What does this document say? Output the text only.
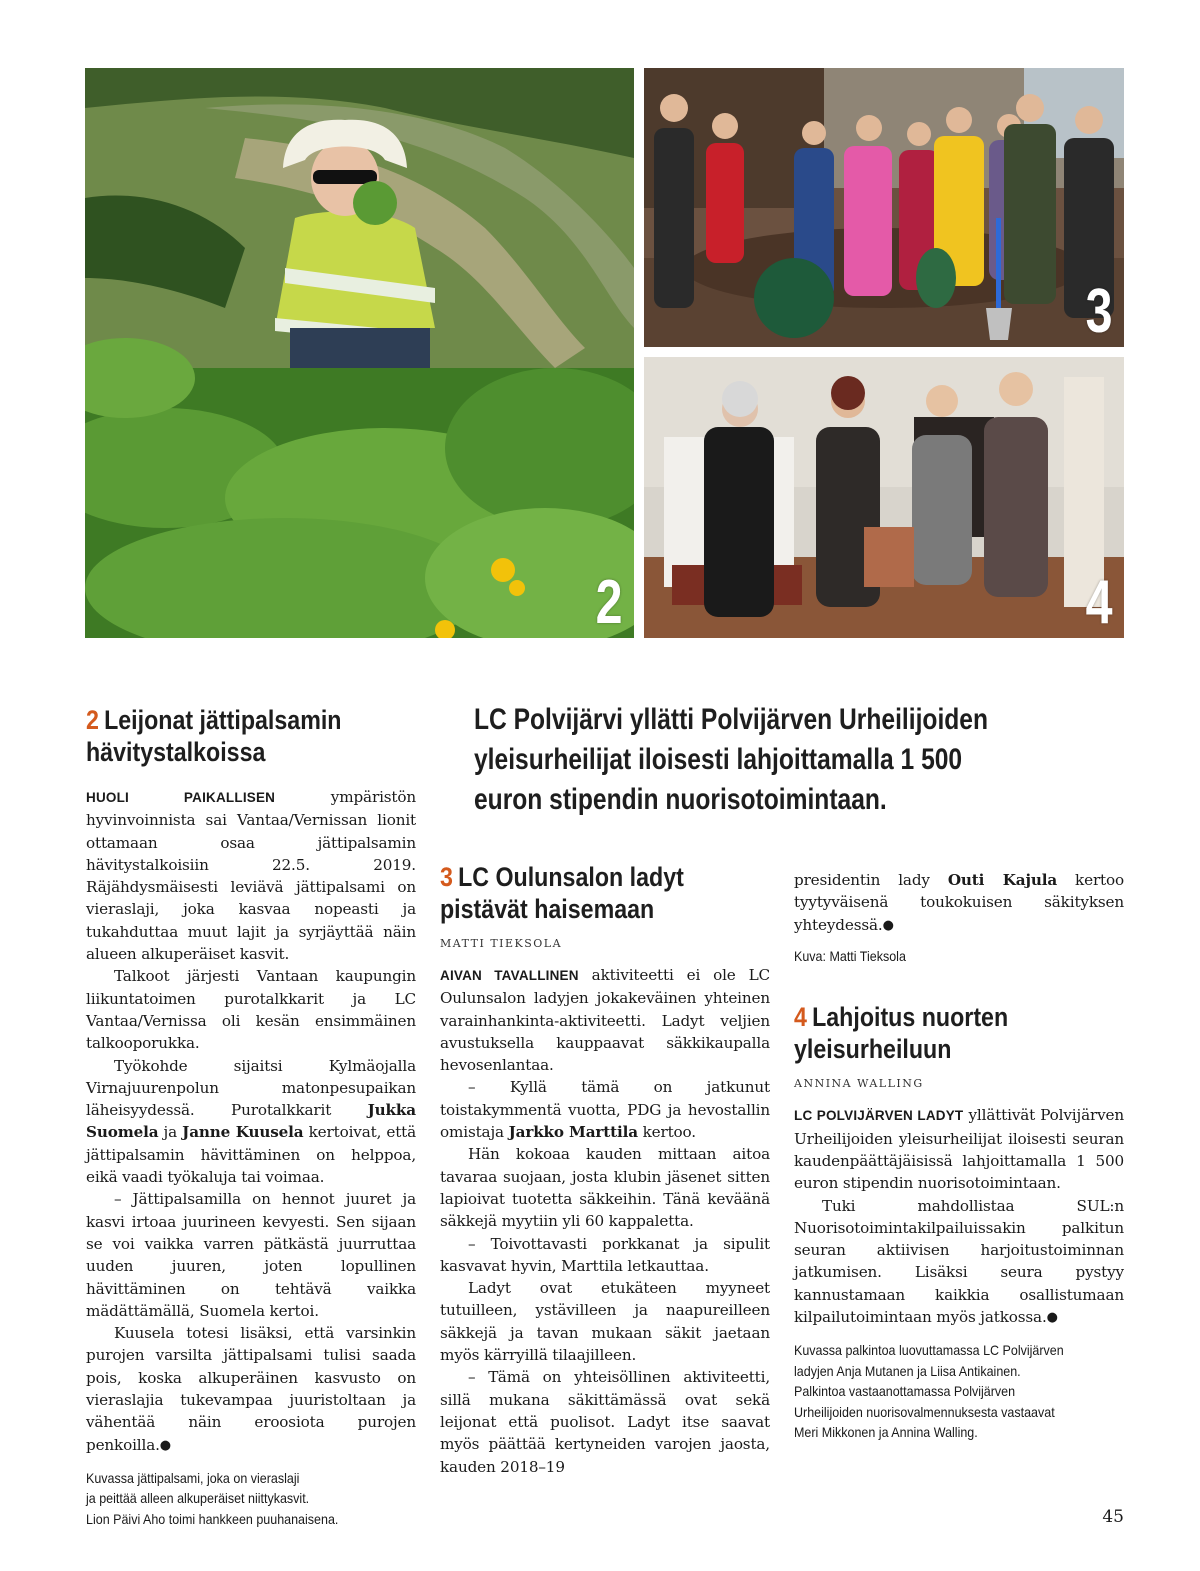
2
3
4
LC Polvijärvi yllätti Polvijärven Urheilijoiden yleisurheilijat iloisesti lahjoittamalla 1 500 euron stipendin nuorisotoimintaan.
2 Leijonat jättipalsamin hävitystalkoissa

HUOLI PAIKALLISEN ympäristön hyvinvoinnista sai Vantaa/Vernissan lionit ottamaan osaa jättipalsamin hävitystalkoisiin 22.5. 2019. Räjähdysmäisesti leviävä jättipalsami on vieraslaji, joka kasvaa nopeasti ja tukahduttaa muut lajit ja syrjäyttää näin alueen alkuperäiset kasvit.

Talkoot järjesti Vantaan kaupungin liikuntatoimen purotalkkarit ja LC Vantaa/Vernissa oli kesän ensimmäinen talkooporukka.

Työkohde sijaitsi Kylmäojalla Virnajuurenpolun matonpesupaikan läheisyydessä. Purotalkkarit Jukka Suomela ja Janne Kuusela kertoivat, että jättipalsamin hävittäminen on helppoa, eikä vaadi työkaluja tai voimaa.

– Jättipalsamilla on hennot juuret ja kasvi irtoaa juurineen kevyesti. Sen sijaan se voi vaikka varren pätkästä juurruttaa uuden juuren, joten lopullinen hävittäminen on tehtävä vaikka mädättämällä, Suomela kertoi.

Kuusela totesi lisäksi, että varsinkin purojen varsilta jättipalsami tulisi saada pois, koska alkuperäinen kasvusto on vieraslajia tukevampaa juuristoltaan ja vähentää näin eroosiota purojen penkoilla.●

Kuvassa jättipalsami, joka on vieraslaji
ja peittää alleen alkuperäiset niittykasvit.
Lion Päivi Aho toimi hankkeen puuhanaisena.
3 LC Oulunsalon ladyt pistävät haisemaan
MATTI TIEKSOLA

AIVAN TAVALLINEN aktiviteetti ei ole LC Oulunsalon ladyjen jokakeväinen yhteinen varainhankinta-aktiviteetti. Ladyt veljien avustuksella kauppaavat säkkikaupalla hevosenlantaa.

– Kyllä tämä on jatkunut toistakymmentä vuotta, PDG ja hevostallin omistaja Jarkko Marttila kertoo.

Hän kokoaa kauden mittaan aitoa tavaraa suojaan, josta klubin jäsenet sitten lapioivat tuotetta säkkeihin. Tänä keväänä säkkejä myytiin yli 60 kappaletta.

– Toivottavasti porkkanat ja sipulit kasvavat hyvin, Marttila letkauttaa.

Ladyt ovat etukäteen myyneet tutuilleen, ystävilleen ja naapureilleen säkkejä ja tavan mukaan säkit jaetaan myös kärryillä tilaajilleen.

– Tämä on yhteisöllinen aktiviteetti, sillä mukana säkittämässä ovat sekä leijonat että puolisot. Ladyt itse saavat myös päättää kertyneiden varojen jaosta, kauden 2018–19

presidentin lady Outi Kajula kertoo tyytyväisenä toukokuisen säkityksen yhteydessä.●

Kuva: Matti Tieksola
4 Lahjoitus nuorten yleisurheiluun
ANNINA WALLING

LC POLVIJÄRVEN LADYT yllättivät Polvijärven Urheilijoiden yleisurheilijat iloisesti seuran kaudenpäättäjäisissä lahjoittamalla 1 500 euron stipendin nuorisotoimintaan.

Tuki mahdollistaa SUL:n Nuorisotoimintakilpailuissakin palkitun seuran aktiivisen harjoitustoiminnan jatkumisen. Lisäksi seura pystyy kannustamaan kaikkia osallistumaan kilpailutoimintaan myös jatkossa.●

Kuvassa palkintoa luovuttamassa LC Polvijärven
ladyjen Anja Mutanen ja Liisa Antikainen.
Palkintoa vastaanottamassa Polvijärven
Urheilijoiden nuorisovalmennuksesta vastaavat
Meri Mikkonen ja Annina Walling.
45
